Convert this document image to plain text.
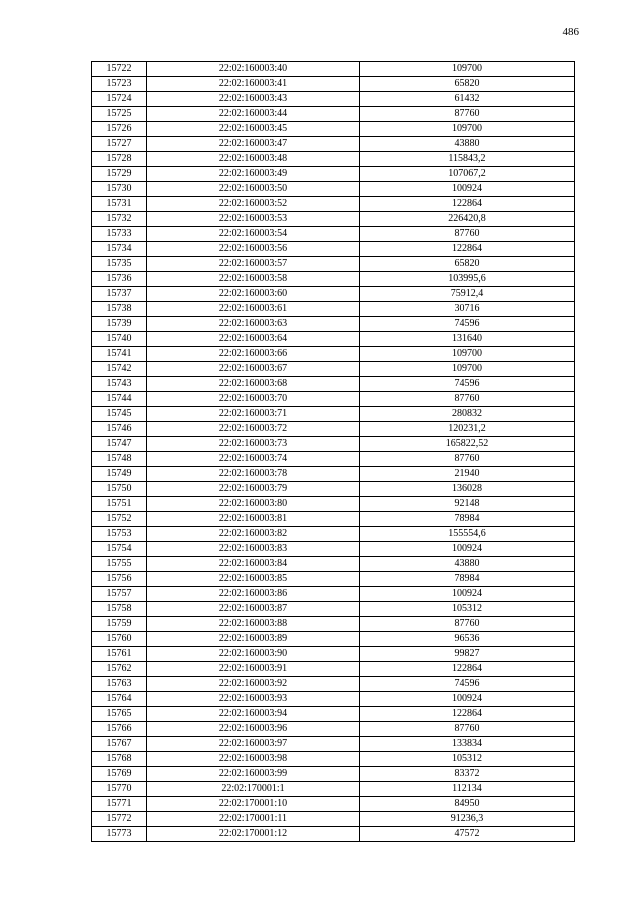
486
15722	22:02:160003:40	109700
15723	22:02:160003:41	65820
15724	22:02:160003:43	61432
15725	22:02:160003:44	87760
15726	22:02:160003:45	109700
15727	22:02:160003:47	43880
15728	22:02:160003:48	115843,2
15729	22:02:160003:49	107067,2
15730	22:02:160003:50	100924
15731	22:02:160003:52	122864
15732	22:02:160003:53	226420,8
15733	22:02:160003:54	87760
15734	22:02:160003:56	122864
15735	22:02:160003:57	65820
15736	22:02:160003:58	103995,6
15737	22:02:160003:60	75912,4
15738	22:02:160003:61	30716
15739	22:02:160003:63	74596
15740	22:02:160003:64	131640
15741	22:02:160003:66	109700
15742	22:02:160003:67	109700
15743	22:02:160003:68	74596
15744	22:02:160003:70	87760
15745	22:02:160003:71	280832
15746	22:02:160003:72	120231,2
15747	22:02:160003:73	165822,52
15748	22:02:160003:74	87760
15749	22:02:160003:78	21940
15750	22:02:160003:79	136028
15751	22:02:160003:80	92148
15752	22:02:160003:81	78984
15753	22:02:160003:82	155554,6
15754	22:02:160003:83	100924
15755	22:02:160003:84	43880
15756	22:02:160003:85	78984
15757	22:02:160003:86	100924
15758	22:02:160003:87	105312
15759	22:02:160003:88	87760
15760	22:02:160003:89	96536
15761	22:02:160003:90	99827
15762	22:02:160003:91	122864
15763	22:02:160003:92	74596
15764	22:02:160003:93	100924
15765	22:02:160003:94	122864
15766	22:02:160003:96	87760
15767	22:02:160003:97	133834
15768	22:02:160003:98	105312
15769	22:02:160003:99	83372
15770	22:02:170001:1	112134
15771	22:02:170001:10	84950
15772	22:02:170001:11	91236,3
15773	22:02:170001:12	47572
